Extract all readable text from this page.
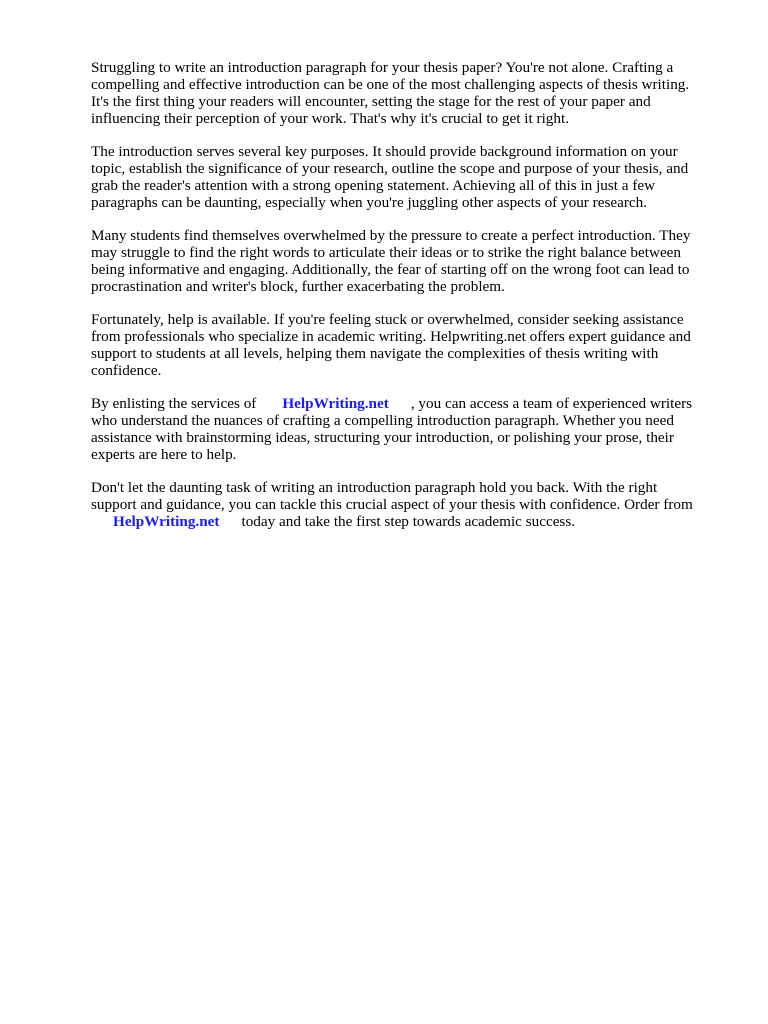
Struggling to write an introduction paragraph for your thesis paper? You're not alone. Crafting a
compelling and effective introduction can be one of the most challenging aspects of thesis writing.
It's the first thing your readers will encounter, setting the stage for the rest of your paper and
influencing their perception of your work. That's why it's crucial to get it right.

The introduction serves several key purposes. It should provide background information on your
topic, establish the significance of your research, outline the scope and purpose of your thesis, and
grab the reader's attention with a strong opening statement. Achieving all of this in just a few
paragraphs can be daunting, especially when you're juggling other aspects of your research.

Many students find themselves overwhelmed by the pressure to create a perfect introduction. They
may struggle to find the right words to articulate their ideas or to strike the right balance between
being informative and engaging. Additionally, the fear of starting off on the wrong foot can lead to
procrastination and writer's block, further exacerbating the problem.

Fortunately, help is available. If you're feeling stuck or overwhelmed, consider seeking assistance
from professionals who specialize in academic writing. Helpwriting.net offers expert guidance and
support to students at all levels, helping them navigate the complexities of thesis writing with
confidence.

By enlisting the services of HelpWriting.net , you can access a team of experienced writers
who understand the nuances of crafting a compelling introduction paragraph. Whether you need
assistance with brainstorming ideas, structuring your introduction, or polishing your prose, their
experts are here to help.

Don't let the daunting task of writing an introduction paragraph hold you back. With the right
support and guidance, you can tackle this crucial aspect of your thesis with confidence. Order from
HelpWriting.net today and take the first step towards academic success.
